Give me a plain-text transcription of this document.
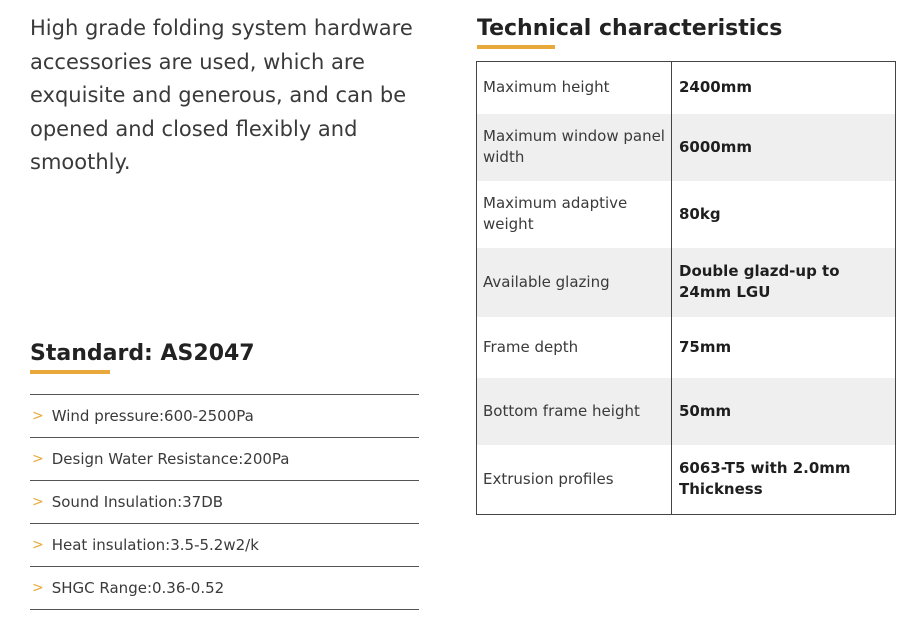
High grade folding system hardware accessories are used, which are exquisite and generous, and can be opened and closed flexibly and smoothly.

Standard: AS2047
> Wind pressure:600-2500Pa
> Design Water Resistance:200Pa
> Sound Insulation:37DB
> Heat insulation:3.5-5.2w2/k
> SHGC Range:0.36-0.52
Technical characteristics
Maximum height	2400mm
Maximum window panel width	6000mm
Maximum adaptive weight	80kg
Available glazing	Double glazd-up to 24mm LGU
Frame depth	75mm
Bottom frame height	50mm
Extrusion profiles	6063-T5 with 2.0mm Thickness
